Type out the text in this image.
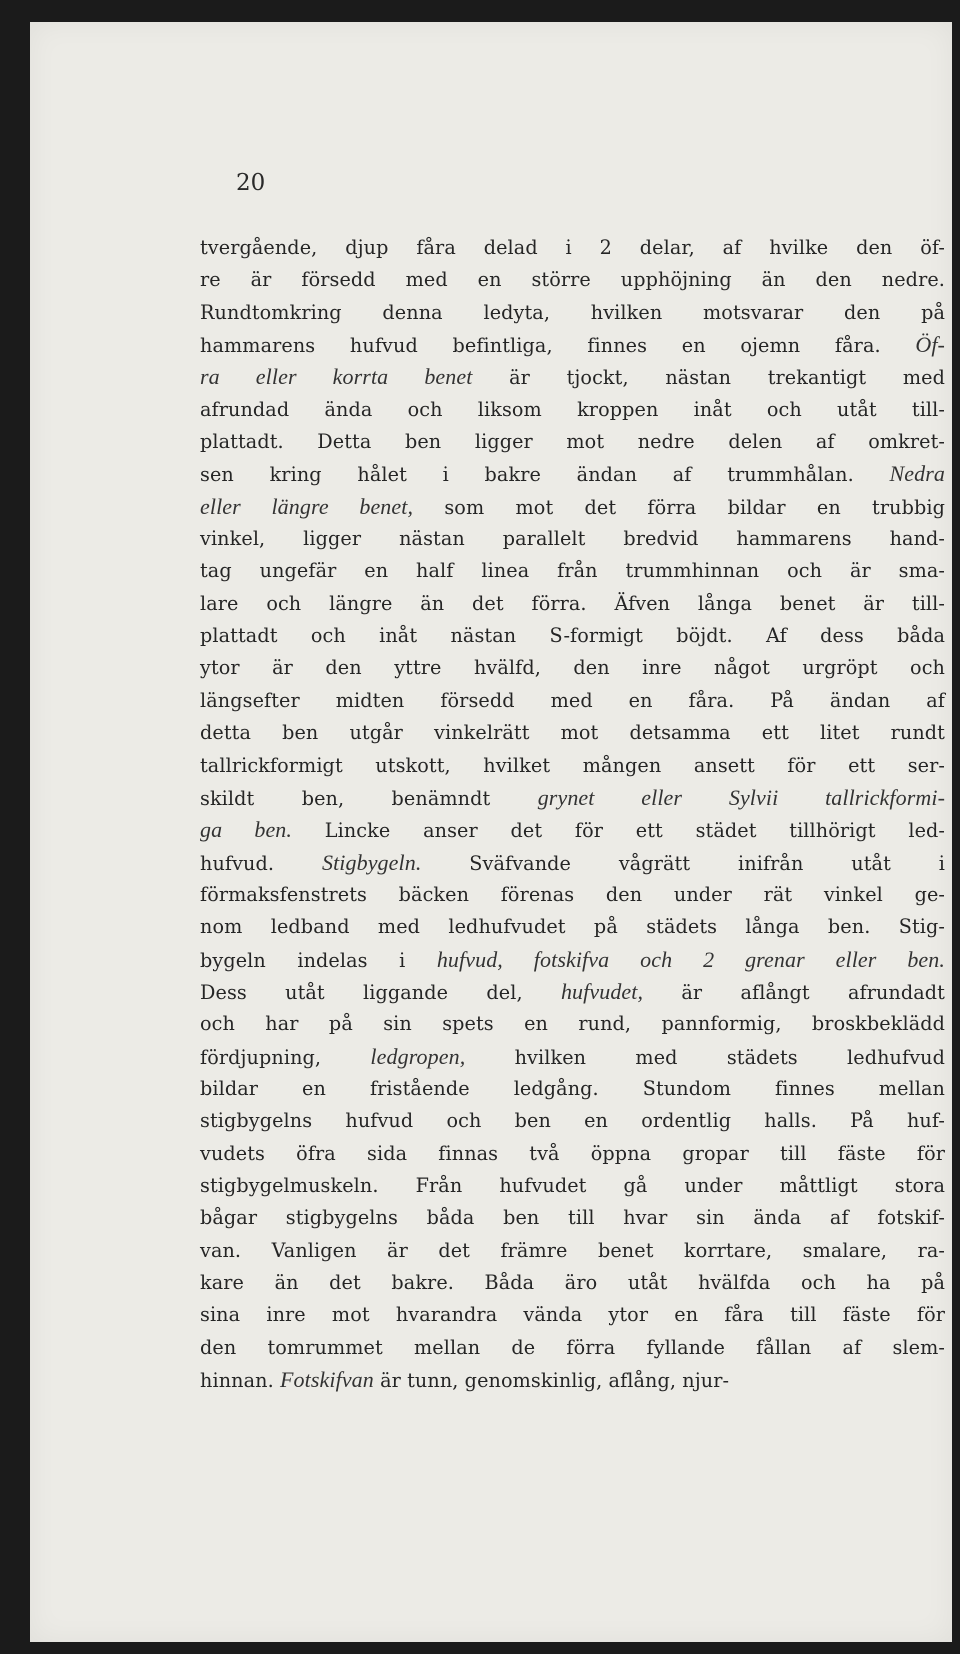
20
tvergående, djup fåra delad i 2 delar, af hvilke den öf-
re är försedd med en större upphöjning än den nedre.
Rundtomkring denna ledyta, hvilken motsvarar den på
hammarens hufvud befintliga, finnes en ojemn fåra. Öf-
ra eller korrta benet är tjockt, nästan trekantigt med
afrundad ända och liksom kroppen inåt och utåt till-
plattadt. Detta ben ligger mot nedre delen af omkret-
sen kring hålet i bakre ändan af trummhålan. Nedra
eller längre benet, som mot det förra bildar en trubbig
vinkel, ligger nästan parallelt bredvid hammarens hand-
tag ungefär en half linea från trummhinnan och är sma-
lare och längre än det förra. Äfven långa benet är till-
plattadt och inåt nästan S-formigt böjdt. Af dess båda
ytor är den yttre hvälfd, den inre något urgröpt och
längsefter midten försedd med en fåra. På ändan af
detta ben utgår vinkelrätt mot detsamma ett litet rundt
tallrickformigt utskott, hvilket mången ansett för ett ser-
skildt ben, benämndt grynet eller Sylvii tallrickformi-
ga ben. Lincke anser det för ett städet tillhörigt led-
hufvud. Stigbygeln. Sväfvande vågrätt inifrån utåt i
förmaksfenstrets bäcken förenas den under rät vinkel ge-
nom ledband med ledhufvudet på städets långa ben. Stig-
bygeln indelas i hufvud, fotskifva och 2 grenar eller ben.
Dess utåt liggande del, hufvudet, är aflångt afrundadt
och har på sin spets en rund, pannformig, broskbeklädd
fördjupning, ledgropen, hvilken med städets ledhufvud
bildar en fristående ledgång. Stundom finnes mellan
stigbygelns hufvud och ben en ordentlig halls. På huf-
vudets öfra sida finnas två öppna gropar till fäste för
stigbygelmuskeln. Från hufvudet gå under måttligt stora
bågar stigbygelns båda ben till hvar sin ända af fotskif-
van. Vanligen är det främre benet korrtare, smalare, ra-
kare än det bakre. Båda äro utåt hvälfda och ha på
sina inre mot hvarandra vända ytor en fåra till fäste för
den tomrummet mellan de förra fyllande fållan af slem-
hinnan. Fotskifvan är tunn, genomskinlig, aflång, njur-
